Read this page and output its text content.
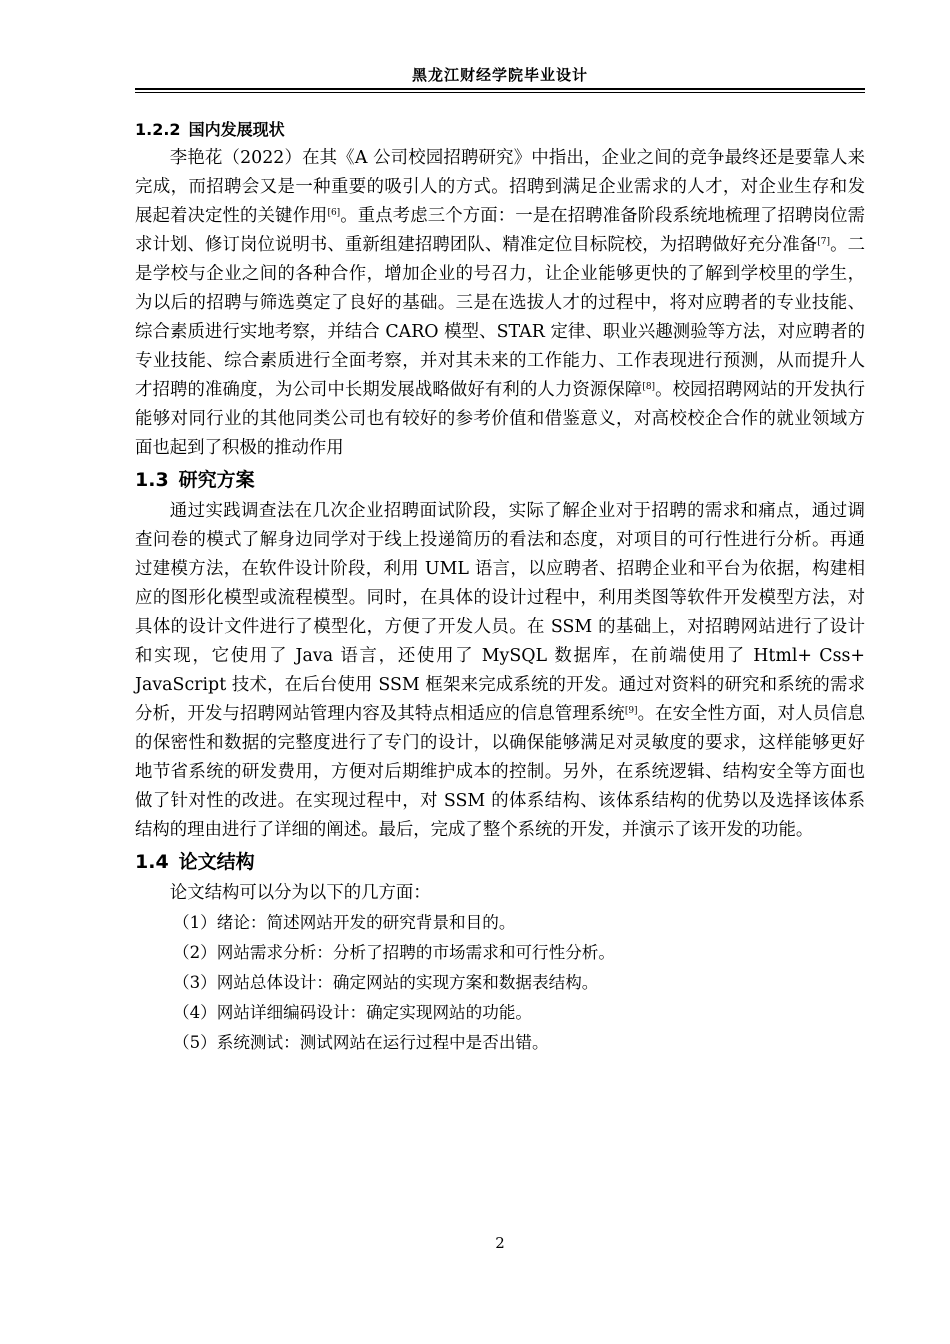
黑龙江财经学院毕业设计
1.2.2 国内发展现状

李艳花（2022）在其《A 公司校园招聘研究》中指出，企业之间的竞争最终还是要靠人来完成，而招聘会又是一种重要的吸引人的方式。招聘到满足企业需求的人才，对企业生存和发展起着决定性的关键作用[6]。重点考虑三个方面：一是在招聘准备阶段系统地梳理了招聘岗位需求计划、修订岗位说明书、重新组建招聘团队、精准定位目标院校，为招聘做好充分准备[7]。二是学校与企业之间的各种合作，增加企业的号召力，让企业能够更快的了解到学校里的学生，为以后的招聘与筛选奠定了良好的基础。三是在选拔人才的过程中，将对应聘者的专业技能、综合素质进行实地考察，并结合 CARO 模型、STAR 定律、职业兴趣测验等方法，对应聘者的专业技能、综合素质进行全面考察，并对其未来的工作能力、工作表现进行预测，从而提升人才招聘的准确度，为公司中长期发展战略做好有利的人力资源保障[8]。校园招聘网站的开发执行能够对同行业的其他同类公司也有较好的参考价值和借鉴意义，对高校校企合作的就业领域方面也起到了积极的推动作用

1.3 研究方案

通过实践调查法在几次企业招聘面试阶段，实际了解企业对于招聘的需求和痛点，通过调查问卷的模式了解身边同学对于线上投递简历的看法和态度，对项目的可行性进行分析。再通过建模方法，在软件设计阶段，利用 UML 语言，以应聘者、招聘企业和平台为依据，构建相应的图形化模型或流程模型。同时，在具体的设计过程中，利用类图等软件开发模型方法，对具体的设计文件进行了模型化，方便了开发人员。在 SSM 的基础上，对招聘网站进行了设计和实现，它使用了 Java 语言，还使用了 MySQL 数据库，在前端使用了 Html+ Css+ JavaScript 技术，在后台使用 SSM 框架来完成系统的开发。通过对资料的研究和系统的需求分析，开发与招聘网站管理内容及其特点相适应的信息管理系统[9]。在安全性方面，对人员信息的保密性和数据的完整度进行了专门的设计，以确保能够满足对灵敏度的要求，这样能够更好地节省系统的研发费用，方便对后期维护成本的控制。另外，在系统逻辑、结构安全等方面也做了针对性的改进。在实现过程中，对 SSM 的体系结构、该体系结构的优势以及选择该体系结构的理由进行了详细的阐述。最后，完成了整个系统的开发，并演示了该开发的功能。

1.4 论文结构

论文结构可以分为以下的几方面：

（1）绪论：简述网站开发的研究背景和目的。

（2）网站需求分析：分析了招聘的市场需求和可行性分析。

（3）网站总体设计：确定网站的实现方案和数据表结构。

（4）网站详细编码设计：确定实现网站的功能。

（5）系统测试：测试网站在运行过程中是否出错。

2
